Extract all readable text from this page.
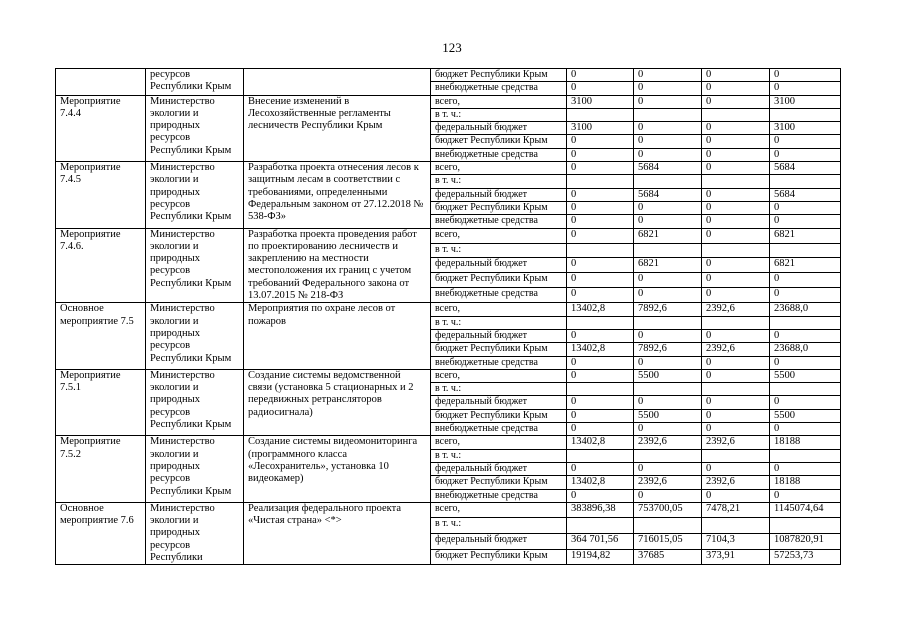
123
	ресурсов Республики Крым		бюджет Республики Крым	0	0	0	0
			внебюджетные средства	0	0	0	0
Мероприятие 7.4.4	Министерство экологии и природных ресурсов Республики Крым	Внесение изменений в Лесохозяйственные регламенты лесничеств Республики Крым	всего,	3100	0	0	3100
			в т. ч.:				
			федеральный бюджет	3100	0	0	3100
			бюджет Республики Крым	0	0	0	0
			внебюджетные средства	0	0	0	0
Мероприятие 7.4.5	Министерство экологии и природных ресурсов Республики Крым	Разработка проекта отнесения лесов к защитным лесам в соответствии с требованиями, определенными Федеральным законом от 27.12.2018 № 538-ФЗ»	всего,	0	5684	0	5684
			в т. ч.:				
			федеральный бюджет	0	5684	0	5684
			бюджет Республики Крым	0	0	0	0
			внебюджетные средства	0	0	0	0
Мероприятие 7.4.6.	Министерство экологии и природных ресурсов Республики Крым	Разработка проекта проведения работ по проектированию лесничеств и закреплению на местности местоположения их границ с учетом требований Федерального закона от 13.07.2015 № 218-ФЗ	всего,	0	6821	0	6821
			в т. ч.:				
			федеральный бюджет	0	6821	0	6821
			бюджет Республики Крым	0	0	0	0
			внебюджетные средства	0	0	0	0
Основное мероприятие 7.5	Министерство экологии и природных ресурсов Республики Крым	Мероприятия по охране лесов от пожаров	всего,	13402,8	7892,6	2392,6	23688,0
			в т. ч.:				
			федеральный бюджет	0	0	0	0
			бюджет Республики Крым	13402,8	7892,6	2392,6	23688,0
			внебюджетные средства	0	0	0	0
Мероприятие 7.5.1	Министерство экологии и природных ресурсов Республики Крым	Создание системы ведомственной связи (установка 5 стационарных и 2 передвижных ретрансляторов радиосигнала)	всего,	0	5500	0	5500
			в т. ч.:				
			федеральный бюджет	0	0	0	0
			бюджет Республики Крым	0	5500	0	5500
			внебюджетные средства	0	0	0	0
Мероприятие 7.5.2	Министерство экологии и природных ресурсов Республики Крым	Создание системы видеомониторинга (программного класса «Лесохранитель», установка 10 видеокамер)	всего,	13402,8	2392,6	2392,6	18188
			в т. ч.:				
			федеральный бюджет	0	0	0	0
			бюджет Республики Крым	13402,8	2392,6	2392,6	18188
			внебюджетные средства	0	0	0	0
Основное мероприятие 7.6	Министерство экологии и природных ресурсов Республики	Реализация федерального проекта «Чистая страна» <*>	всего,	383896,38	753700,05	7478,21	1145074,64
			в т. ч.:				
			федеральный бюджет	364 701,56	716015,05	7104,3	1087820,91
			бюджет Республики Крым	19194,82	37685	373,91	57253,73
